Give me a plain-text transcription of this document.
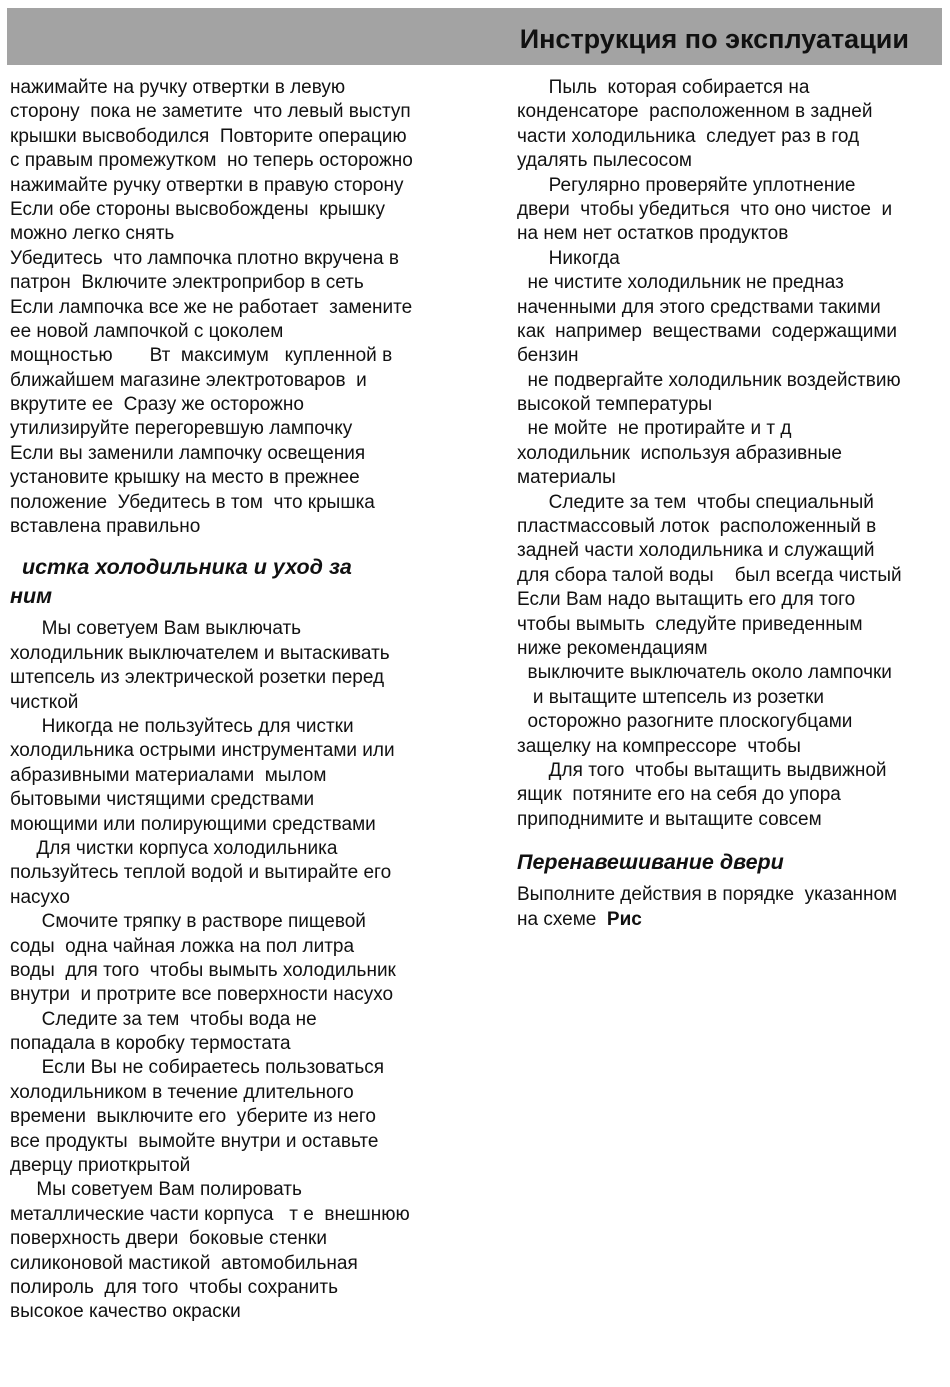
Инструкция по эксплуатации
нажимайте на ручку отвертки в левую
сторону  пока не заметите  что левый выступ
крышки высвободился  Повторите операцию
с правым промежутком  но теперь осторожно
нажимайте ручку отвертки в правую сторону
Если обе стороны высвобождены  крышку
можно легко снять
Убедитесь  что лампочка плотно вкручена в
патрон  Включите электроприбор в сеть
Если лампочка все же не работает  замените
ее новой лампочкой с цоколем
мощностью       Вт  максимум   купленной в
ближайшем магазине электротоваров  и
вкрутите ее  Сразу же осторожно
утилизируйте перегоревшую лампочку
Если вы заменили лампочку освещения
установите крышку на место в прежнее
положение  Убедитесь в том  что крышка
вставлена правильно
истка холодильника и уход за
ним
Мы советуем Вам выключать
холодильник выключателем и вытаскивать
штепсель из электрической розетки перед
чисткой
Никогда не пользуйтесь для чистки
холодильника острыми инструментами или
абразивными материалами  мылом
бытовыми чистящими средствами
моющими или полирующими средствами
Для чистки корпуса холодильника
пользуйтесь теплой водой и вытирайте его
насухо
Смочите тряпку в растворе пищевой
соды  одна чайная ложка на пол литра
воды  для того  чтобы вымыть холодильник
внутри  и протрите все поверхности насухо
Следите за тем  чтобы вода не
попадала в коробку термостата
Если Вы не собираетесь пользоваться
холодильником в течение длительного
времени  выключите его  уберите из него
все продукты  вымойте внутри и оставьте
дверцу приоткрытой
Мы советуем Вам полировать
металлические части корпуса   т е  внешнюю
поверхность двери  боковые стенки
силиконовой мастикой  автомобильная
полироль  для того  чтобы сохранить
высокое качество окраски
Пыль  которая собирается на
конденсаторе  расположенном в задней
части холодильника  следует раз в год
удалять пылесосом
Регулярно проверяйте уплотнение
двери  чтобы убедиться  что оно чистое  и
на нем нет остатков продуктов
Никогда
не чистите холодильник не предназ
наченными для этого средствами такими
как  например  веществами  содержащими
бензин
не подвергайте холодильник воздействию
высокой температуры
не мойте  не протирайте и т д
холодильник  используя абразивные
материалы
Следите за тем  чтобы специальный
пластмассовый лоток  расположенный в
задней части холодильника и служащий
для сбора талой воды    был всегда чистый
Если Вам надо вытащить его для того
чтобы вымыть  следуйте приведенным
ниже рекомендациям
выключите выключатель около лампочки
и вытащите штепсель из розетки
осторожно разогните плоскогубцами
защелку на компрессоре  чтобы
Для того  чтобы вытащить выдвижной
ящик  потяните его на себя до упора
приподнимите и вытащите совсем
Перенавешивание двери
Выполните действия в порядке  указанном
на схеме  Рис
